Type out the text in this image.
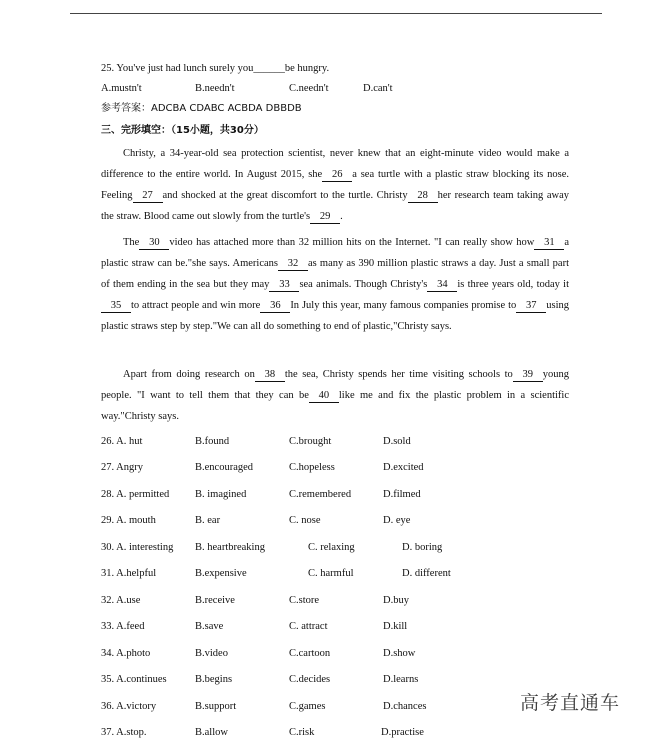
25. You've just had lunch surely you______be hungry.
A.mustn't	B.needn't	C.needn't	D.can't
参考答案：ADCBA CDABC ACBDA DBBDB
三、完形填空：（15小题，共30分）

Christy, a 34-year-old sea protection scientist, never knew that an eight-minute video would make a difference to the entire world. In August 2015, she 26 a sea turtle with a plastic straw blocking its nose. Feeling 27 and shocked at the great discomfort to the turtle. Christy 28 her research team taking away the straw. Blood came out slowly from the turtle's 29 .

The 30 video has attached more than 32 million hits on the Internet. "I can really show how 31 a plastic straw can be."she says. Americans 32 as many as 390 million plastic straws a day. Just a small part of them ending in the sea but they may 33 sea animals. Though Christy's 34 is three years old, today it35 to attract people and win more 36 In July this year, many famous companies promise to 37 using plastic straws step by step."We can all do something to end of plastic,"Christy says.

Apart from doing research on 38 the sea, Christy spends her time visiting schools to 39 young people. "I want to tell them that they can be 40 like me and fix the plastic problem in a scientific way."Christy says.

26. A. hut	B.found	C.brought	D.sold
27. Angry	B.encouraged	C.hopeless	D.excited
28. A. permitted B. imagined	C.remembered	D.filmed
29. A. mouth	B. ear	C. nose	D. eye
30. A. interesting B. heartbreaking	C. relaxing	D. boring
31. A.helpful	B.expensive	C. harmful	D. different
32. A.use	B.receive	C.store	D.buy
33. A.feed	B.save	C. attract	D.kill
34. A.photo	B.video	C.cartoon	D.show
35. A.continues	B.begins	C.decides	D.learns
36. A.victory	B.support	C.games	D.chances
37. A.stop.	B.allow	C.risk	D.practise
高考直通车
